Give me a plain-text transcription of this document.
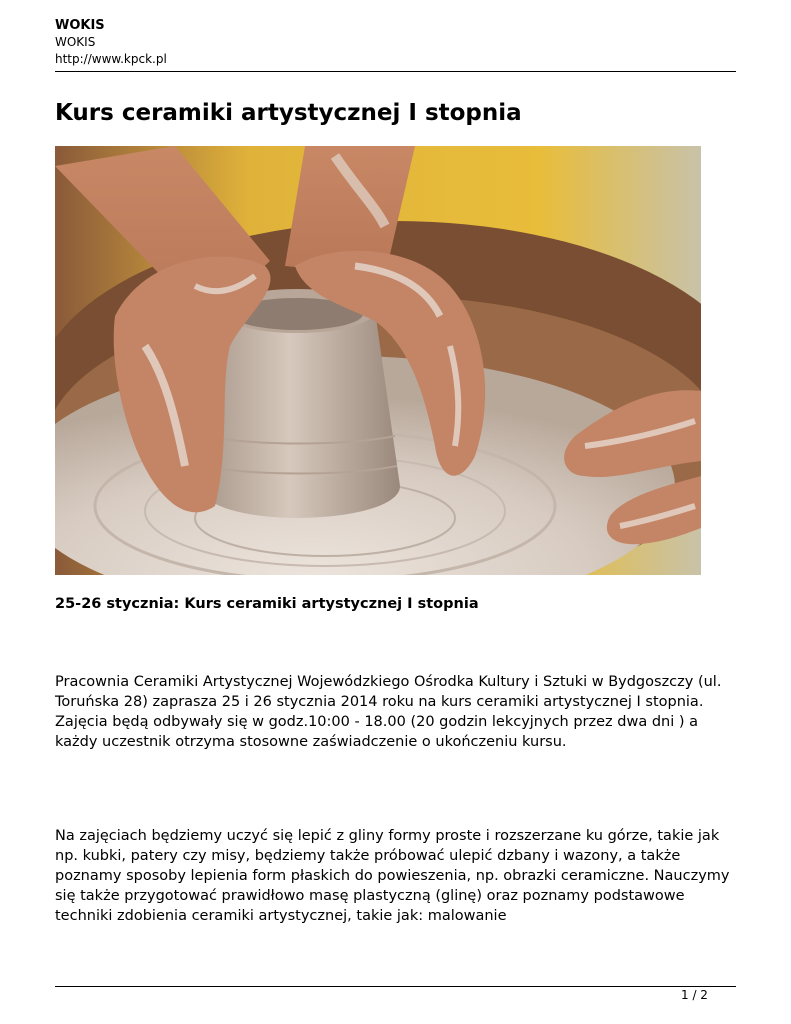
WOKIS
WOKIS
http://www.kpck.pl
Kurs ceramiki artystycznej I stopnia
25-26 stycznia: Kurs ceramiki artystycznej I stopnia

Pracownia Ceramiki Artystycznej Wojewódzkiego Ośrodka Kultury i Sztuki w Bydgoszczy (ul. Toruńska 28) zaprasza 25 i 26 stycznia 2014 roku na kurs ceramiki artystycznej I stopnia. Zajęcia będą odbywały się w godz.10:00 - 18.00 (20 godzin lekcyjnych przez dwa dni ) a każdy uczestnik otrzyma stosowne zaświadczenie o ukończeniu kursu.

Na zajęciach będziemy uczyć się lepić z gliny formy proste i rozszerzane ku górze, takie jak np. kubki, patery czy misy, będziemy także próbować ulepić dzbany i wazony, a także poznamy sposoby lepienia form płaskich do powieszenia, np. obrazki ceramiczne. Nauczymy się także przygotować prawidłowo masę plastyczną (glinę) oraz poznamy podstawowe techniki zdobienia ceramiki artystycznej, takie jak: malowanie

1 / 2
